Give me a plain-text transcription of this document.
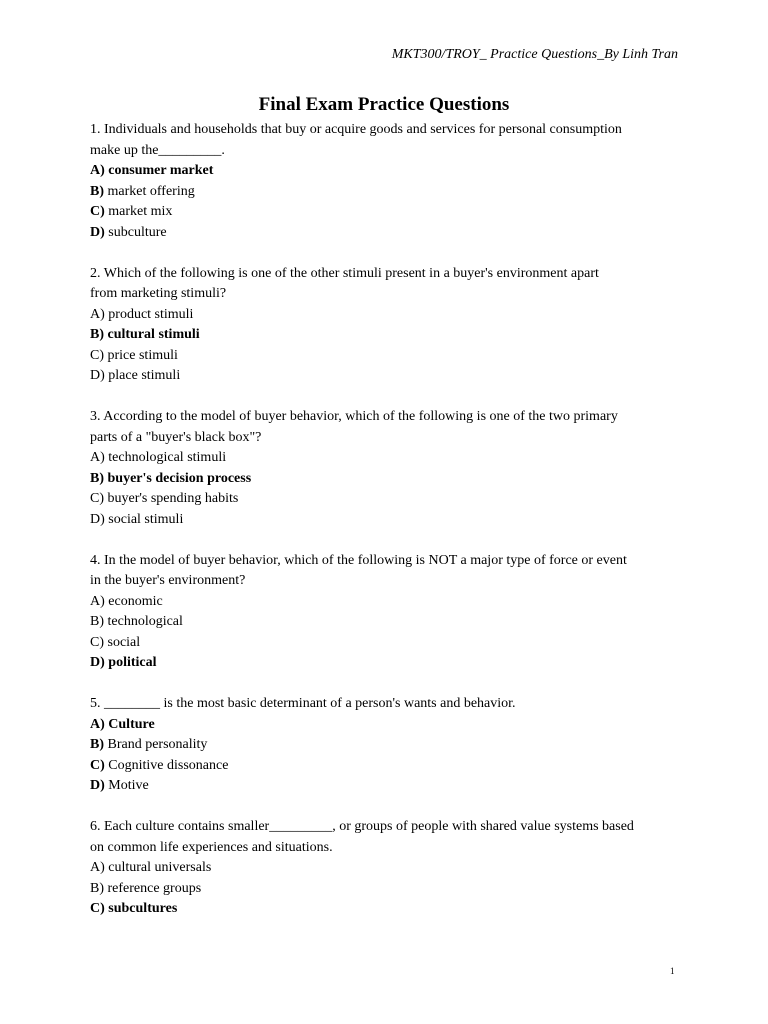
MKT300/TROY_ Practice Questions_By Linh Tran
Final Exam Practice Questions
1. Individuals and households that buy or acquire goods and services for personal consumption
make up the_________.
A) consumer market
B) market offering
C) market mix
D) subculture
2. Which of the following is one of the other stimuli present in a buyer's environment apart
from marketing stimuli?
A) product stimuli
B) cultural stimuli
C) price stimuli
D) place stimuli
3. According to the model of buyer behavior, which of the following is one of the two primary
parts of a "buyer's black box"?
A) technological stimuli
B) buyer's decision process
C) buyer's spending habits
D) social stimuli
4. In the model of buyer behavior, which of the following is NOT a major type of force or event
in the buyer's environment?
A) economic
B) technological
C) social
D) political
5. ________ is the most basic determinant of a person's wants and behavior.
A) Culture
B) Brand personality
C) Cognitive dissonance
D) Motive
6. Each culture contains smaller_________, or groups of people with shared value systems based
on common life experiences and situations.
A) cultural universals
B) reference groups
C) subcultures
1
